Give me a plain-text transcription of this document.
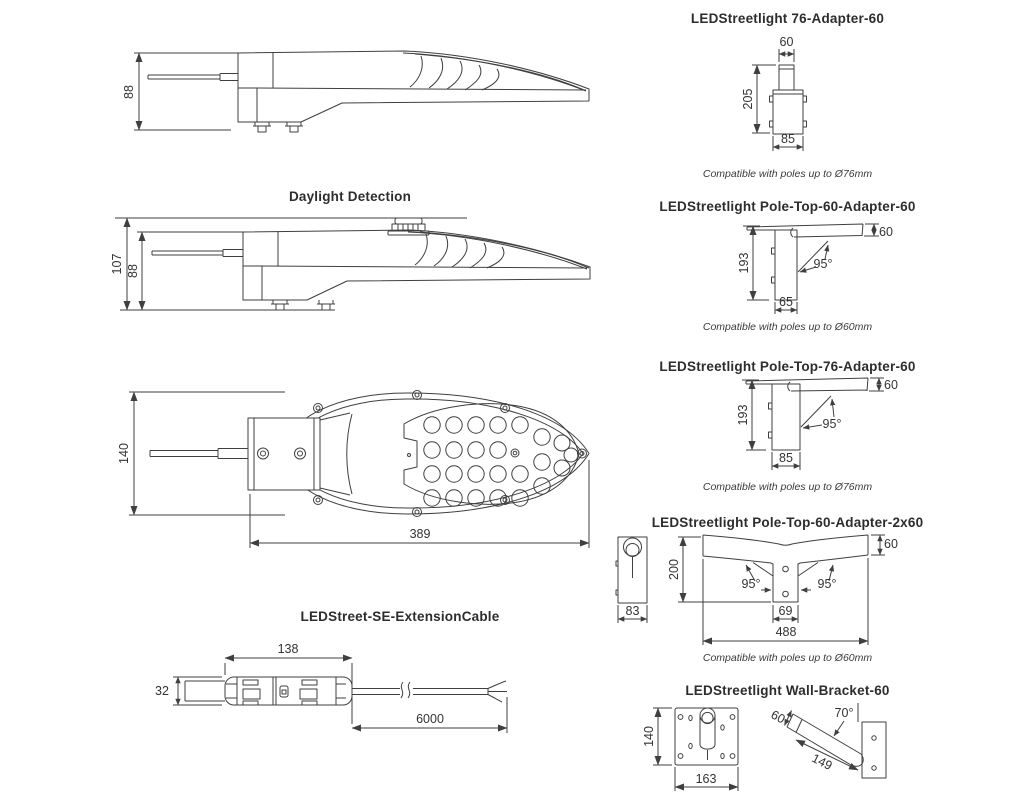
88
Daylight Detection
107 88
140
389
LEDStreet-SE-ExtensionCable
138
32
6000
LEDStreetlight 76-Adapter-60
60
205
85
Compatible with poles up to Ø76mm
LEDStreetlight Pole-Top-60-Adapter-60
193
60
95°
65
Compatible with poles up to Ø60mm
LEDStreetlight Pole-Top-76-Adapter-60
193
60
95°
85
Compatible with poles up to Ø76mm
LEDStreetlight Pole-Top-60-Adapter-2x60
83
200
60
95°	95°
69
488
Compatible with poles up to Ø60mm
LEDStreetlight Wall-Bracket-60
140
163
60	70°
149
